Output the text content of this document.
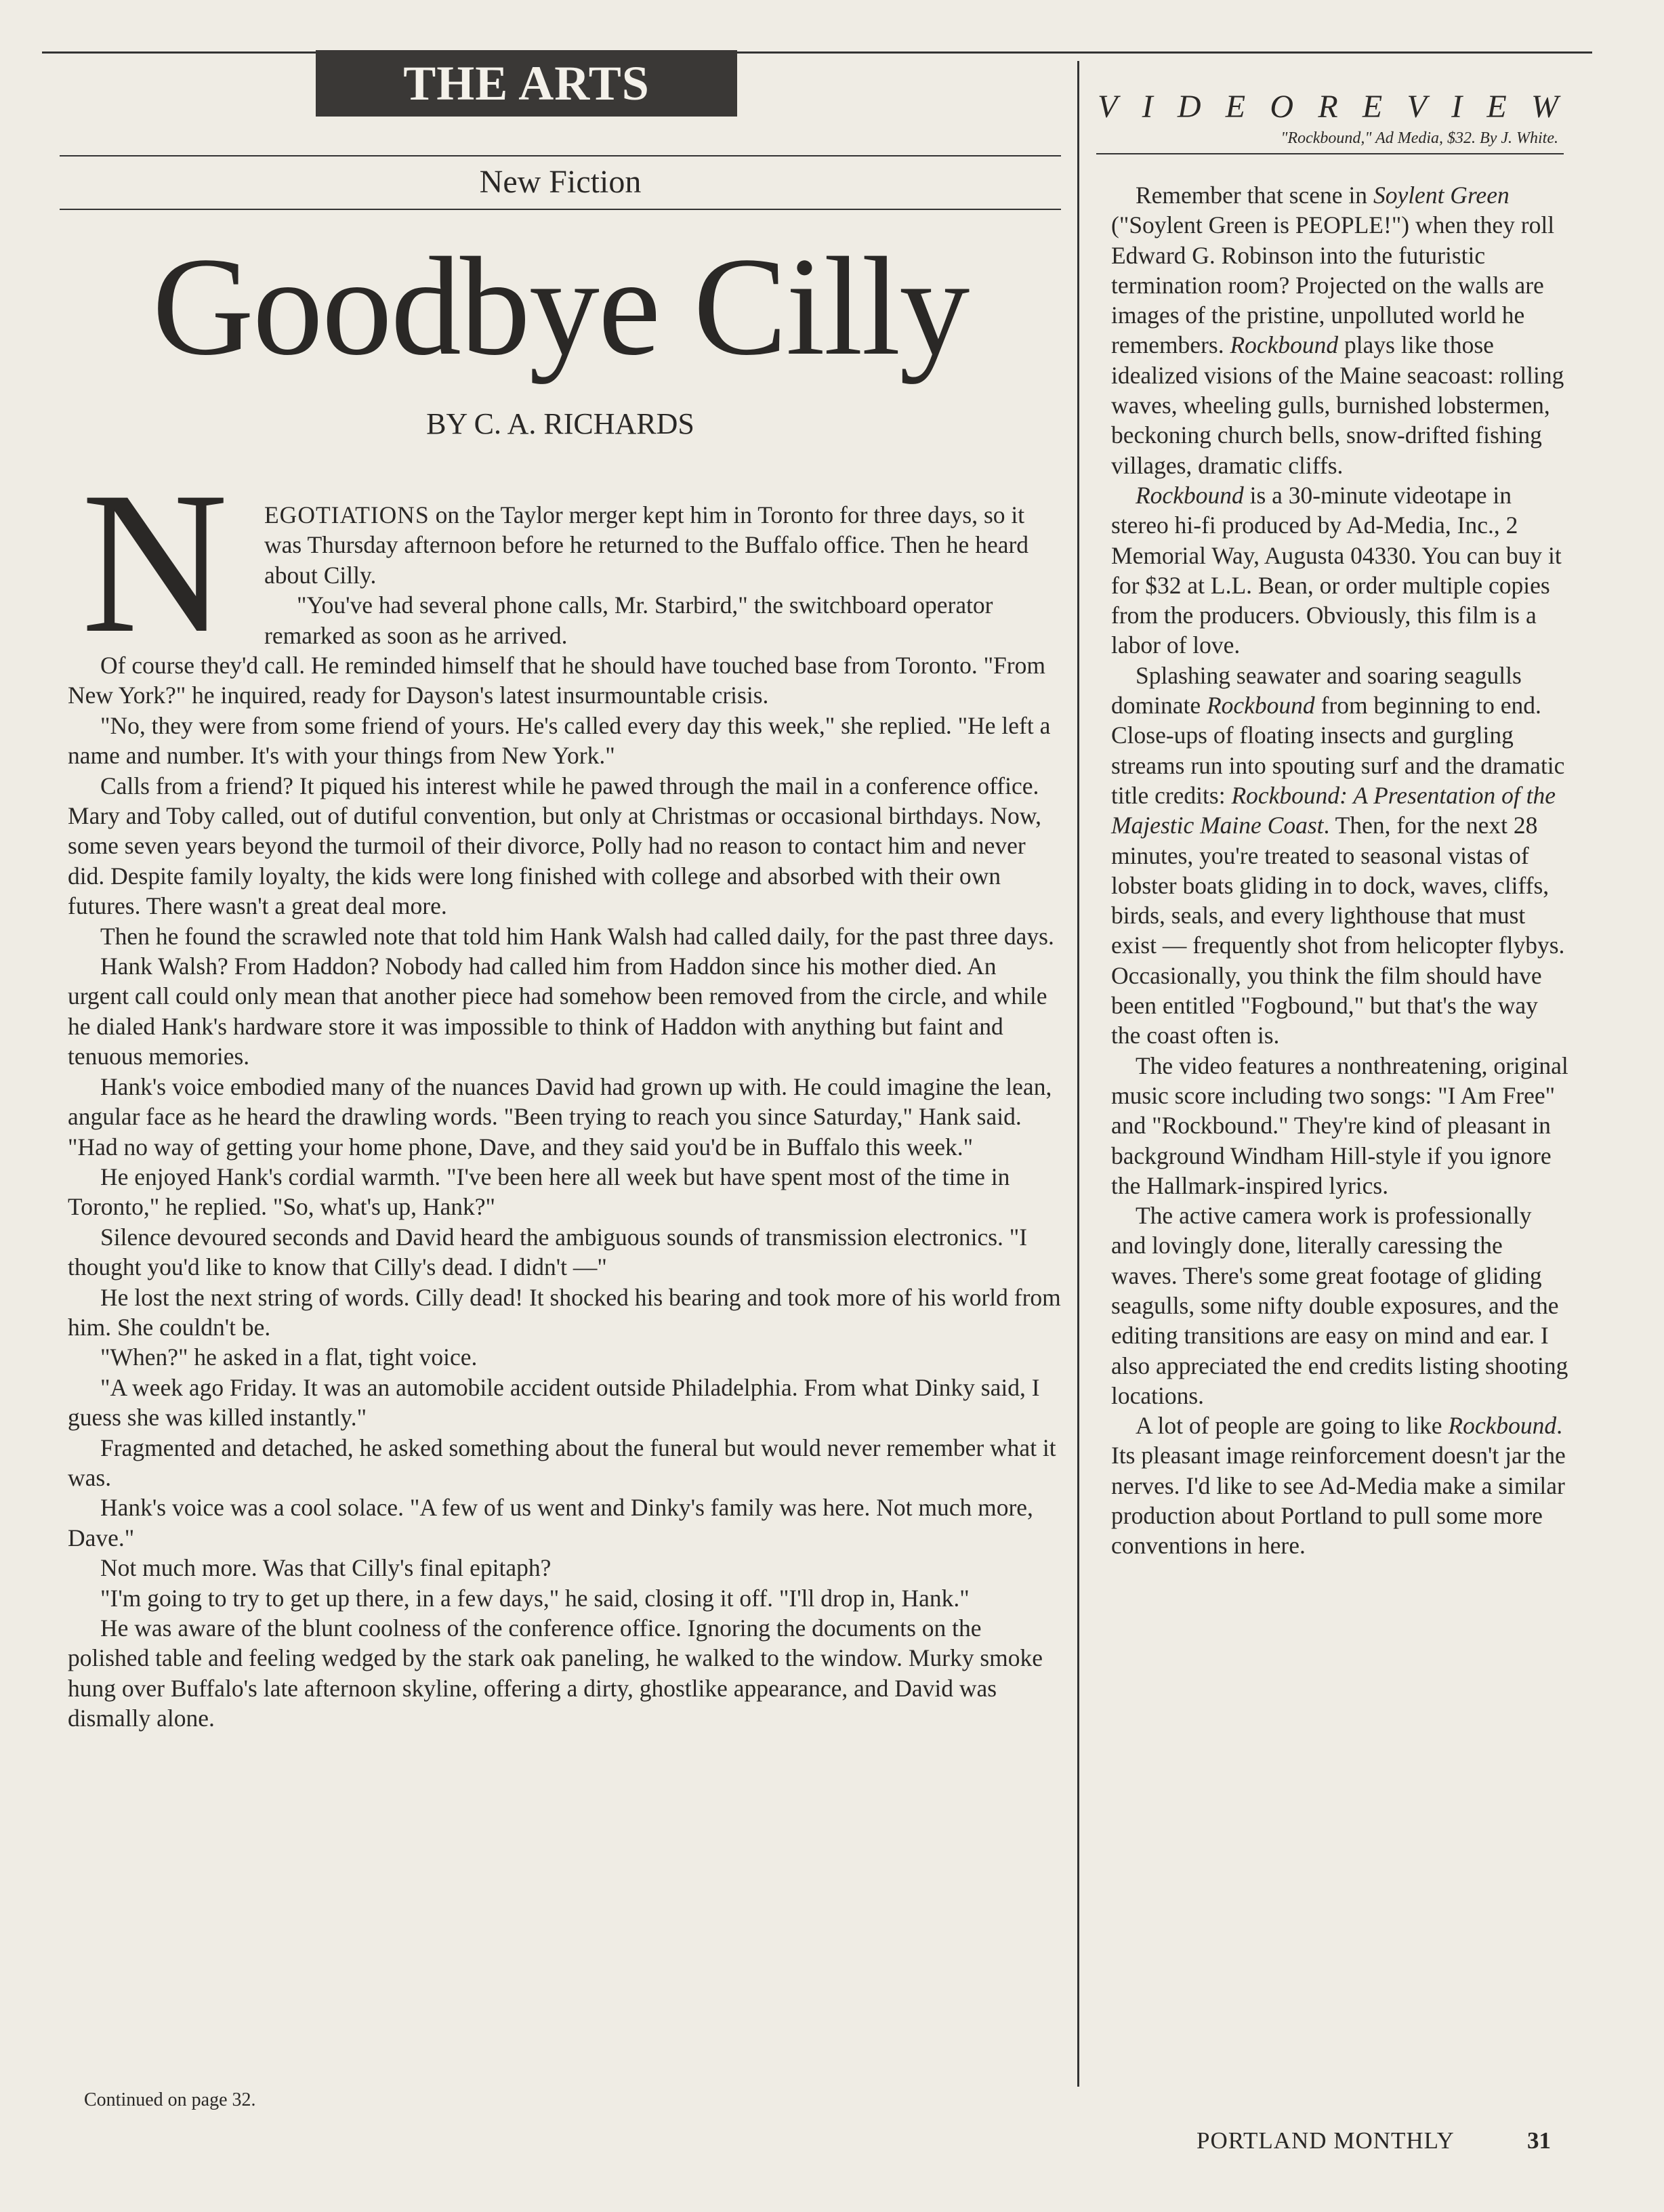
THE ARTS
New Fiction
Goodbye Cilly
BY C. A. RICHARDS
N EGOTIATIONS on the Taylor merger kept him in Toronto for three days, so it was Thursday afternoon before he returned to the Buffalo office. Then he heard about Cilly.

"You've had several phone calls, Mr. Starbird," the switchboard operator remarked as soon as he arrived.

Of course they'd call. He reminded himself that he should have touched base from Toronto. "From New York?" he inquired, ready for Dayson's latest insurmountable crisis.

"No, they were from some friend of yours. He's called every day this week," she replied. "He left a name and number. It's with your things from New York."

Calls from a friend? It piqued his interest while he pawed through the mail in a conference office. Mary and Toby called, out of dutiful convention, but only at Christmas or occasional birthdays. Now, some seven years beyond the turmoil of their divorce, Polly had no reason to contact him and never did. Despite family loyalty, the kids were long finished with college and absorbed with their own futures. There wasn't a great deal more.

Then he found the scrawled note that told him Hank Walsh had called daily, for the past three days.

Hank Walsh? From Haddon? Nobody had called him from Haddon since his mother died. An urgent call could only mean that another piece had somehow been removed from the circle, and while he dialed Hank's hardware store it was impossible to think of Haddon with anything but faint and tenuous memories.

Hank's voice embodied many of the nuances David had grown up with. He could imagine the lean, angular face as he heard the drawling words. "Been trying to reach you since Saturday," Hank said. "Had no way of getting your home phone, Dave, and they said you'd be in Buffalo this week."

He enjoyed Hank's cordial warmth. "I've been here all week but have spent most of the time in Toronto," he replied. "So, what's up, Hank?"

Silence devoured seconds and David heard the ambiguous sounds of transmission electronics. "I thought you'd like to know that Cilly's dead. I didn't —"

He lost the next string of words. Cilly dead! It shocked his bearing and took more of his world from him. She couldn't be.

"When?" he asked in a flat, tight voice.

"A week ago Friday. It was an automobile accident outside Philadelphia. From what Dinky said, I guess she was killed instantly."

Fragmented and detached, he asked something about the funeral but would never remember what it was.

Hank's voice was a cool solace. "A few of us went and Dinky's family was here. Not much more, Dave."

Not much more. Was that Cilly's final epitaph?

"I'm going to try to get up there, in a few days," he said, closing it off. "I'll drop in, Hank."

He was aware of the blunt coolness of the conference office. Ignoring the documents on the polished table and feeling wedged by the stark oak paneling, he walked to the window. Murky smoke hung over Buffalo's late afternoon skyline, offering a dirty, ghostlike appearance, and David was dismally alone.

Continued on page 32.
V I D E O R E V I E W
"Rockbound," Ad Media, $32. By J. White.

Remember that scene in Soylent Green ("Soylent Green is PEOPLE!") when they roll Edward G. Robinson into the futuristic termination room? Projected on the walls are images of the pristine, unpolluted world he remembers. Rockbound plays like those idealized visions of the Maine seacoast: rolling waves, wheeling gulls, burnished lobstermen, beckoning church bells, snow-drifted fishing villages, dramatic cliffs.

Rockbound is a 30-minute videotape in stereo hi-fi produced by Ad-Media, Inc., 2 Memorial Way, Augusta 04330. You can buy it for $32 at L.L. Bean, or order multiple copies from the producers. Obviously, this film is a labor of love.

Splashing seawater and soaring seagulls dominate Rockbound from beginning to end. Close-ups of floating insects and gurgling streams run into spouting surf and the dramatic title credits: Rockbound: A Presentation of the Majestic Maine Coast. Then, for the next 28 minutes, you're treated to seasonal vistas of lobster boats gliding in to dock, waves, cliffs, birds, seals, and every lighthouse that must exist — frequently shot from helicopter flybys. Occasionally, you think the film should have been entitled "Fogbound," but that's the way the coast often is.

The video features a nonthreatening, original music score including two songs: "I Am Free" and "Rockbound." They're kind of pleasant in background Windham Hill-style if you ignore the Hallmark-inspired lyrics.

The active camera work is professionally and lovingly done, literally caressing the waves. There's some great footage of gliding seagulls, some nifty double exposures, and the editing transitions are easy on mind and ear. I also appreciated the end credits listing shooting locations.

A lot of people are going to like Rockbound. Its pleasant image reinforcement doesn't jar the nerves. I'd like to see Ad-Media make a similar production about Portland to pull some more conventions in here.

PORTLAND MONTHLY	31
